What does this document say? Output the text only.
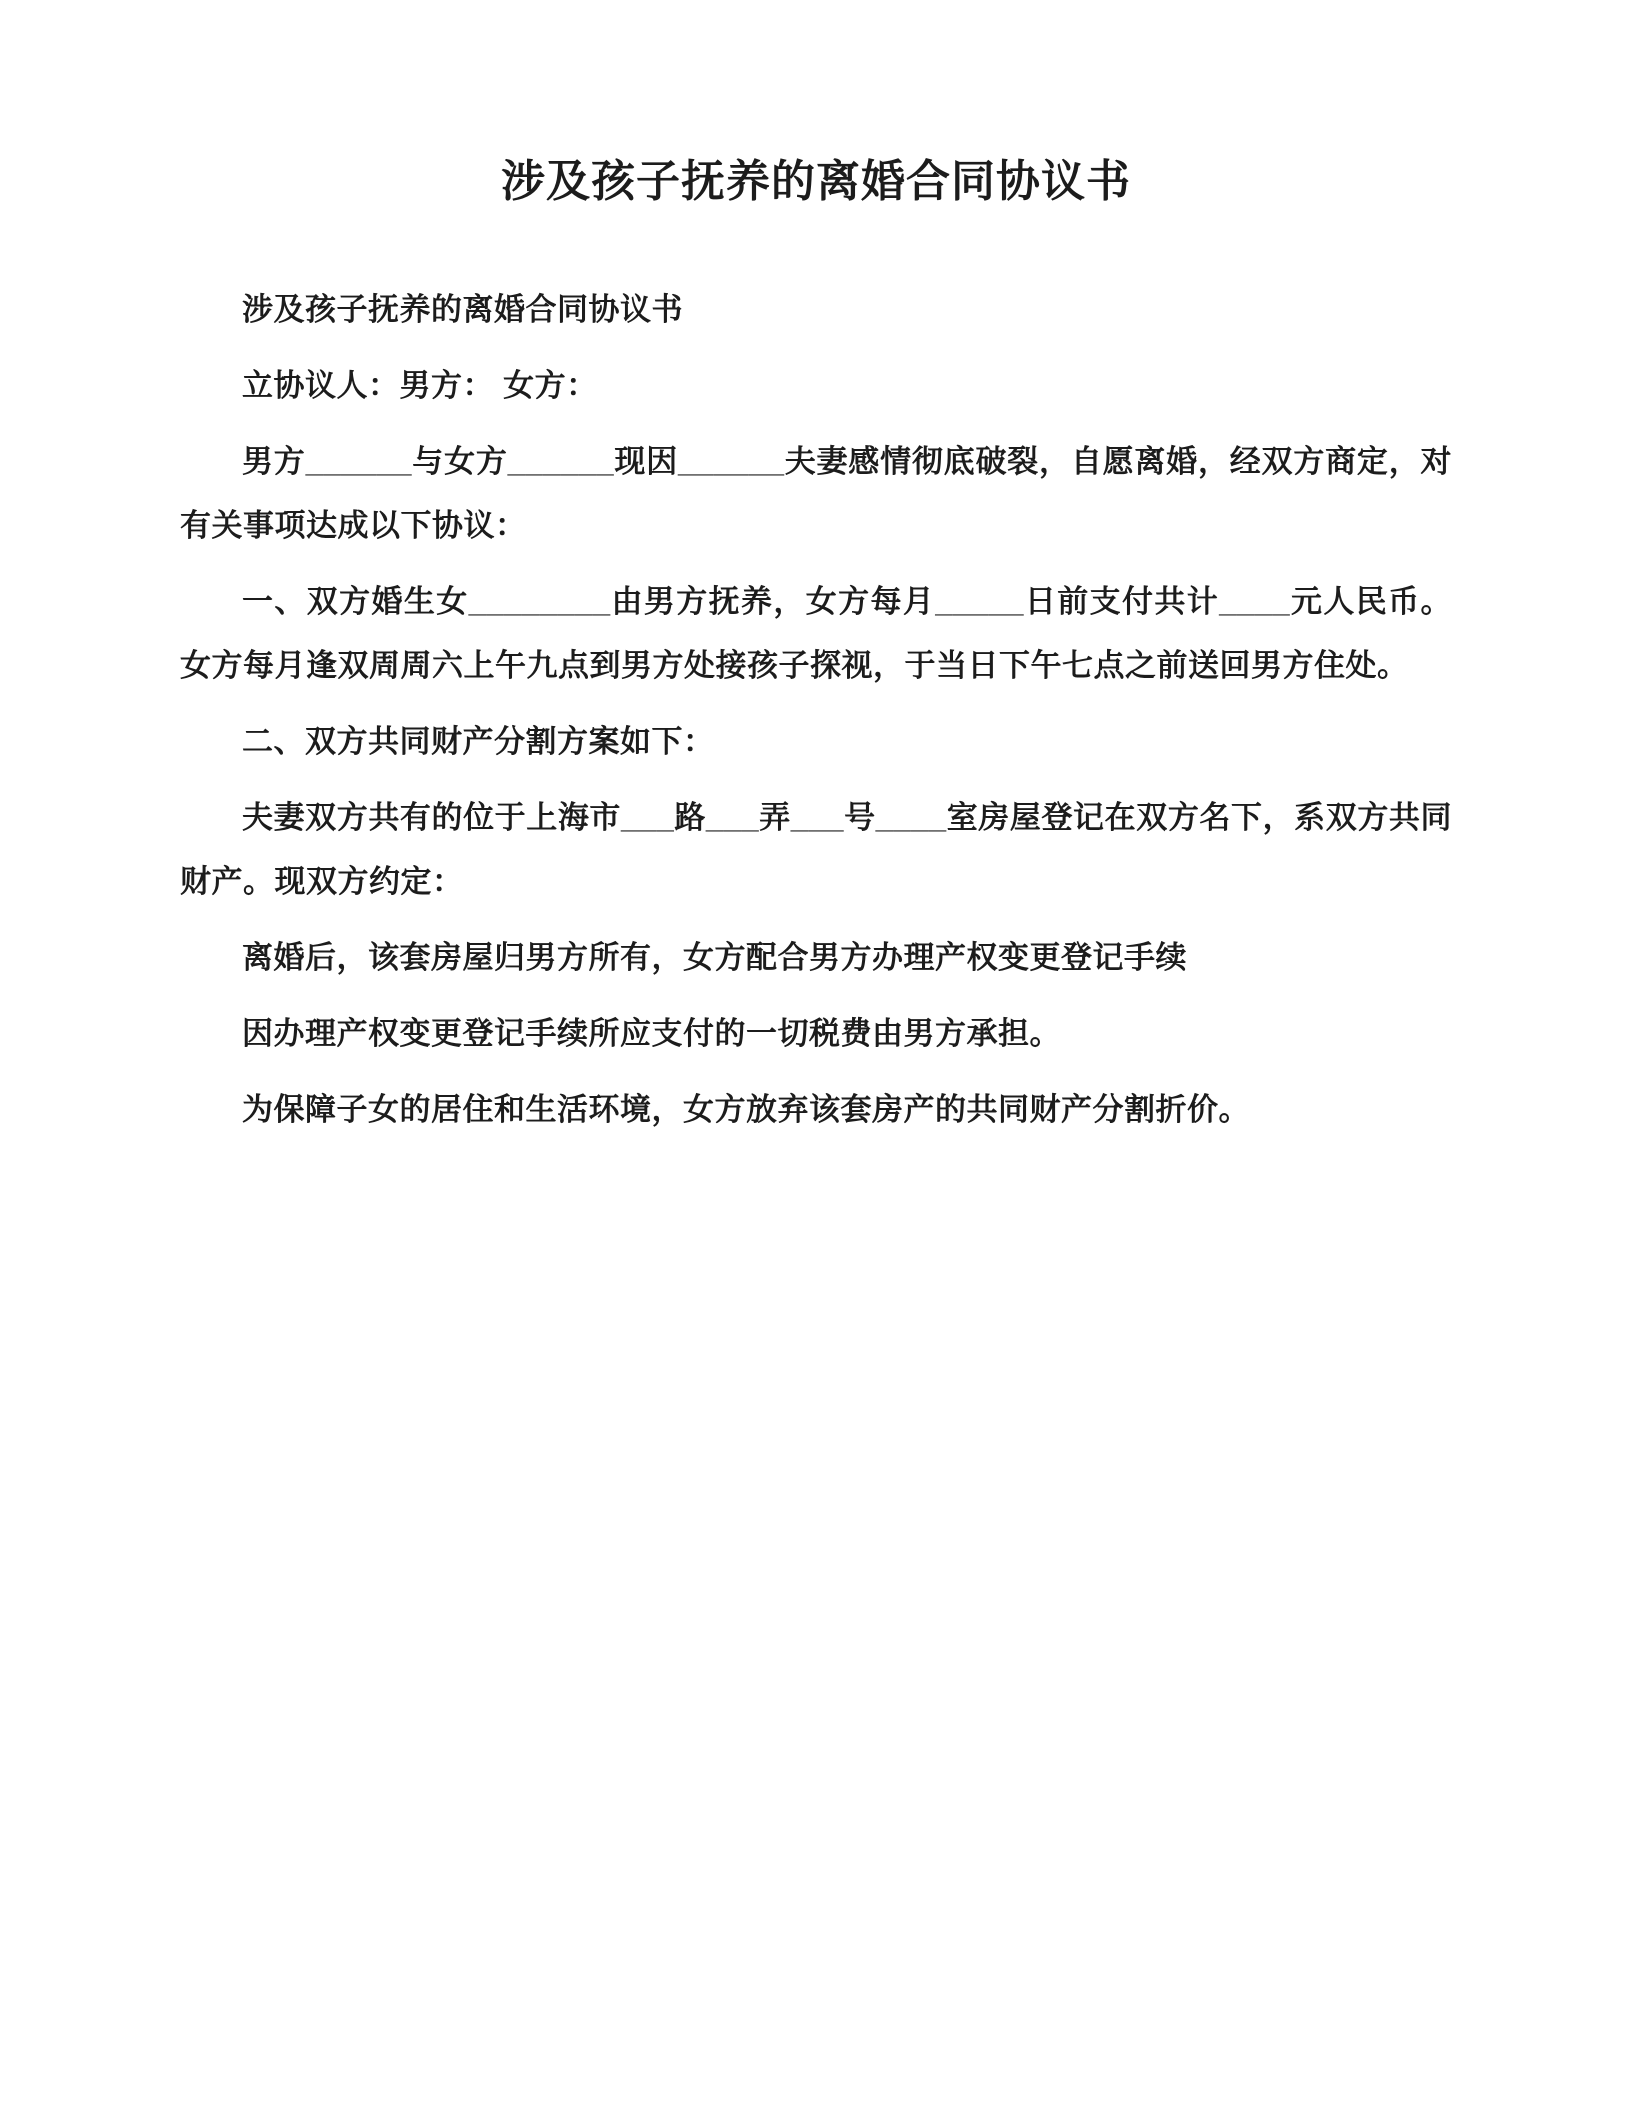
涉及孩子抚养的离婚合同协议书

涉及孩子抚养的离婚合同协议书

立协议人：男方： 女方：

男方______与女方______现因______夫妻感情彻底破裂，自愿离婚，经双方商定，对有关事项达成以下协议：

一、双方婚生女________由男方抚养，女方每月_____日前支付共计____元人民币。女方每月逢双周周六上午九点到男方处接孩子探视，于当日下午七点之前送回男方住处。

二、双方共同财产分割方案如下：

夫妻双方共有的位于上海市___路___弄___号____室房屋登记在双方名下，系双方共同财产。现双方约定：

离婚后，该套房屋归男方所有，女方配合男方办理产权变更登记手续

因办理产权变更登记手续所应支付的一切税费由男方承担。

为保障子女的居住和生活环境，女方放弃该套房产的共同财产分割折价。
